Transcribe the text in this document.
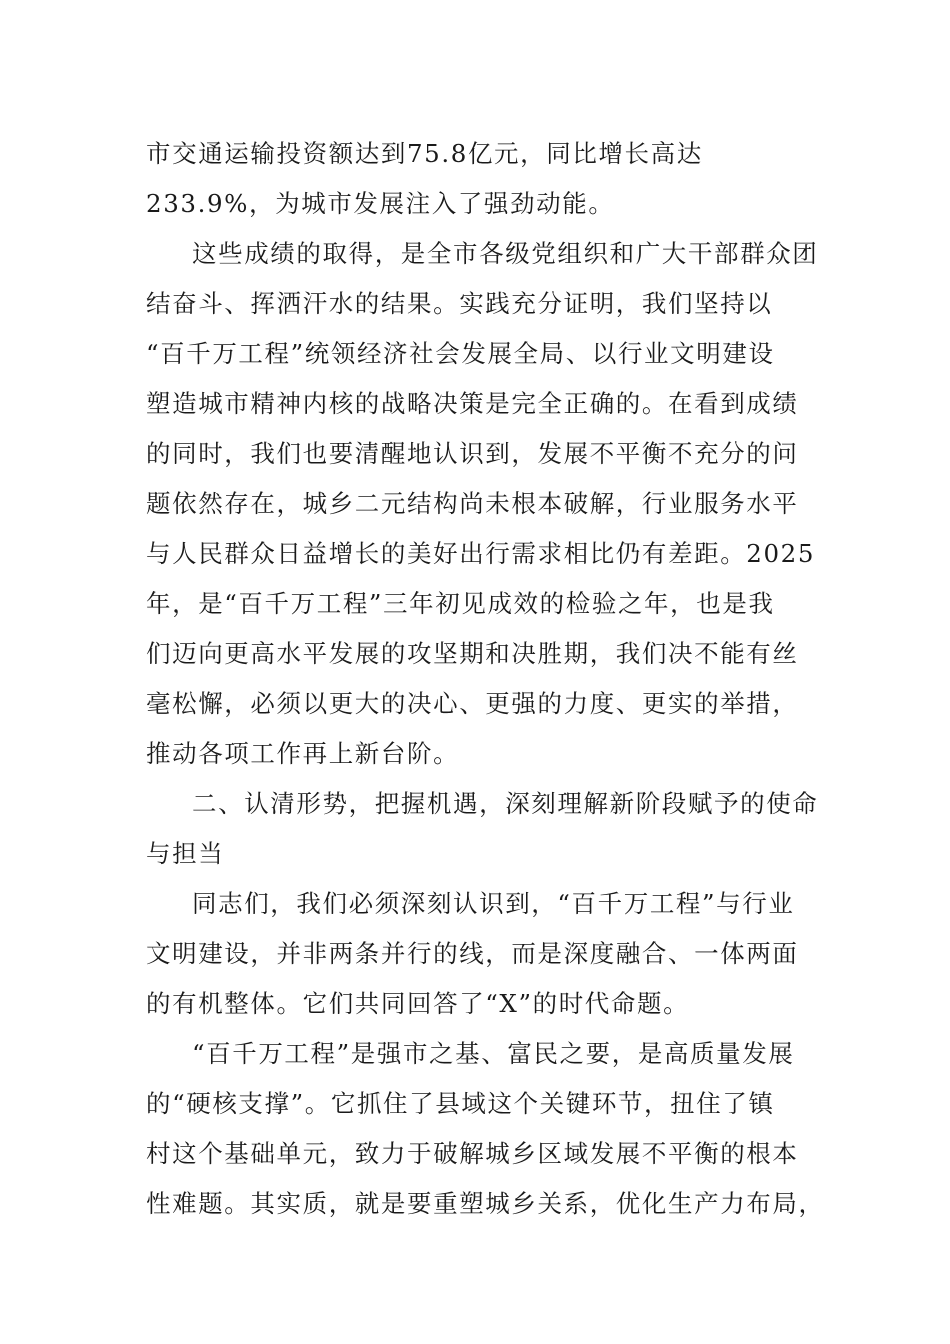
市交通运输投资额达到75.8亿元，同比增长高达
233.9%，为城市发展注入了强劲动能。
这些成绩的取得，是全市各级党组织和广大干部群众团
结奋斗、挥洒汗水的结果。实践充分证明，我们坚持以
“百千万工程”统领经济社会发展全局、以行业文明建设
塑造城市精神内核的战略决策是完全正确的。在看到成绩
的同时，我们也要清醒地认识到，发展不平衡不充分的问
题依然存在，城乡二元结构尚未根本破解，行业服务水平
与人民群众日益增长的美好出行需求相比仍有差距。2025
年，是“百千万工程”三年初见成效的检验之年，也是我
们迈向更高水平发展的攻坚期和决胜期，我们决不能有丝
毫松懈，必须以更大的决心、更强的力度、更实的举措，
推动各项工作再上新台阶。
二、认清形势，把握机遇，深刻理解新阶段赋予的使命
与担当
同志们，我们必须深刻认识到，“百千万工程”与行业
文明建设，并非两条并行的线，而是深度融合、一体两面
的有机整体。它们共同回答了“X”的时代命题。
“百千万工程”是强市之基、富民之要，是高质量发展
的“硬核支撑”。它抓住了县域这个关键环节，扭住了镇
村这个基础单元，致力于破解城乡区域发展不平衡的根本
性难题。其实质，就是要重塑城乡关系，优化生产力布局，
